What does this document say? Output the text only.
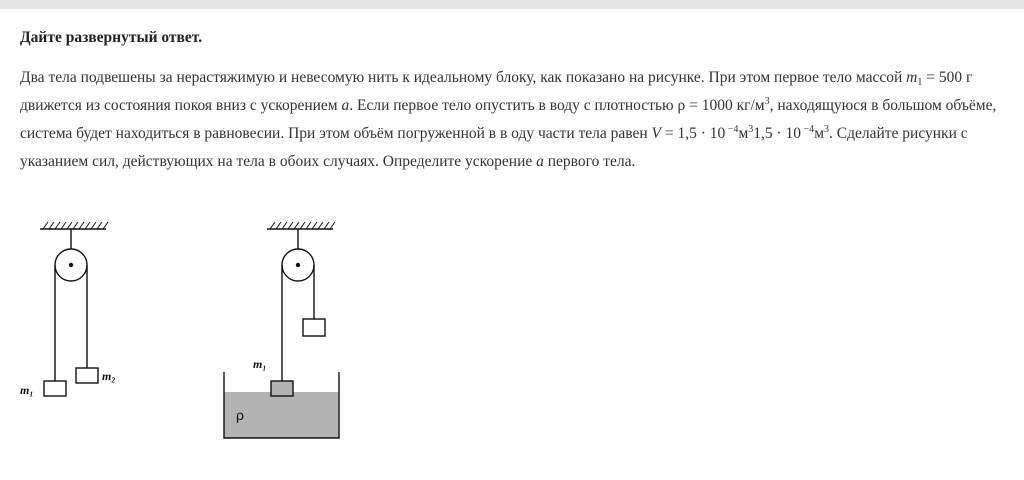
Дайте развернутый ответ.
Два тела подвешены за нерастяжимую и невесомую нить к идеальному блоку, как показано на рисунке. При этом первое тело массой $m_1 = 500$ г движется из состояния покоя вниз с ускорением a. Если первое тело опустить в воду с плотностью ρ = 1000 $кг/м^3$, находящуюся в большом объёме, система будет находиться в равновесии. При этом объём погруженной в в оду части тела равен V = 1,5 · 10 $^{-4}м^31,5 \cdot 10$ $^{-4}м^3$. Сделайте рисунки с указанием сил, действующих на тела в обоих случаях. Определите ускорение a первого тела.
m₁
m₂
m₁
ρ
